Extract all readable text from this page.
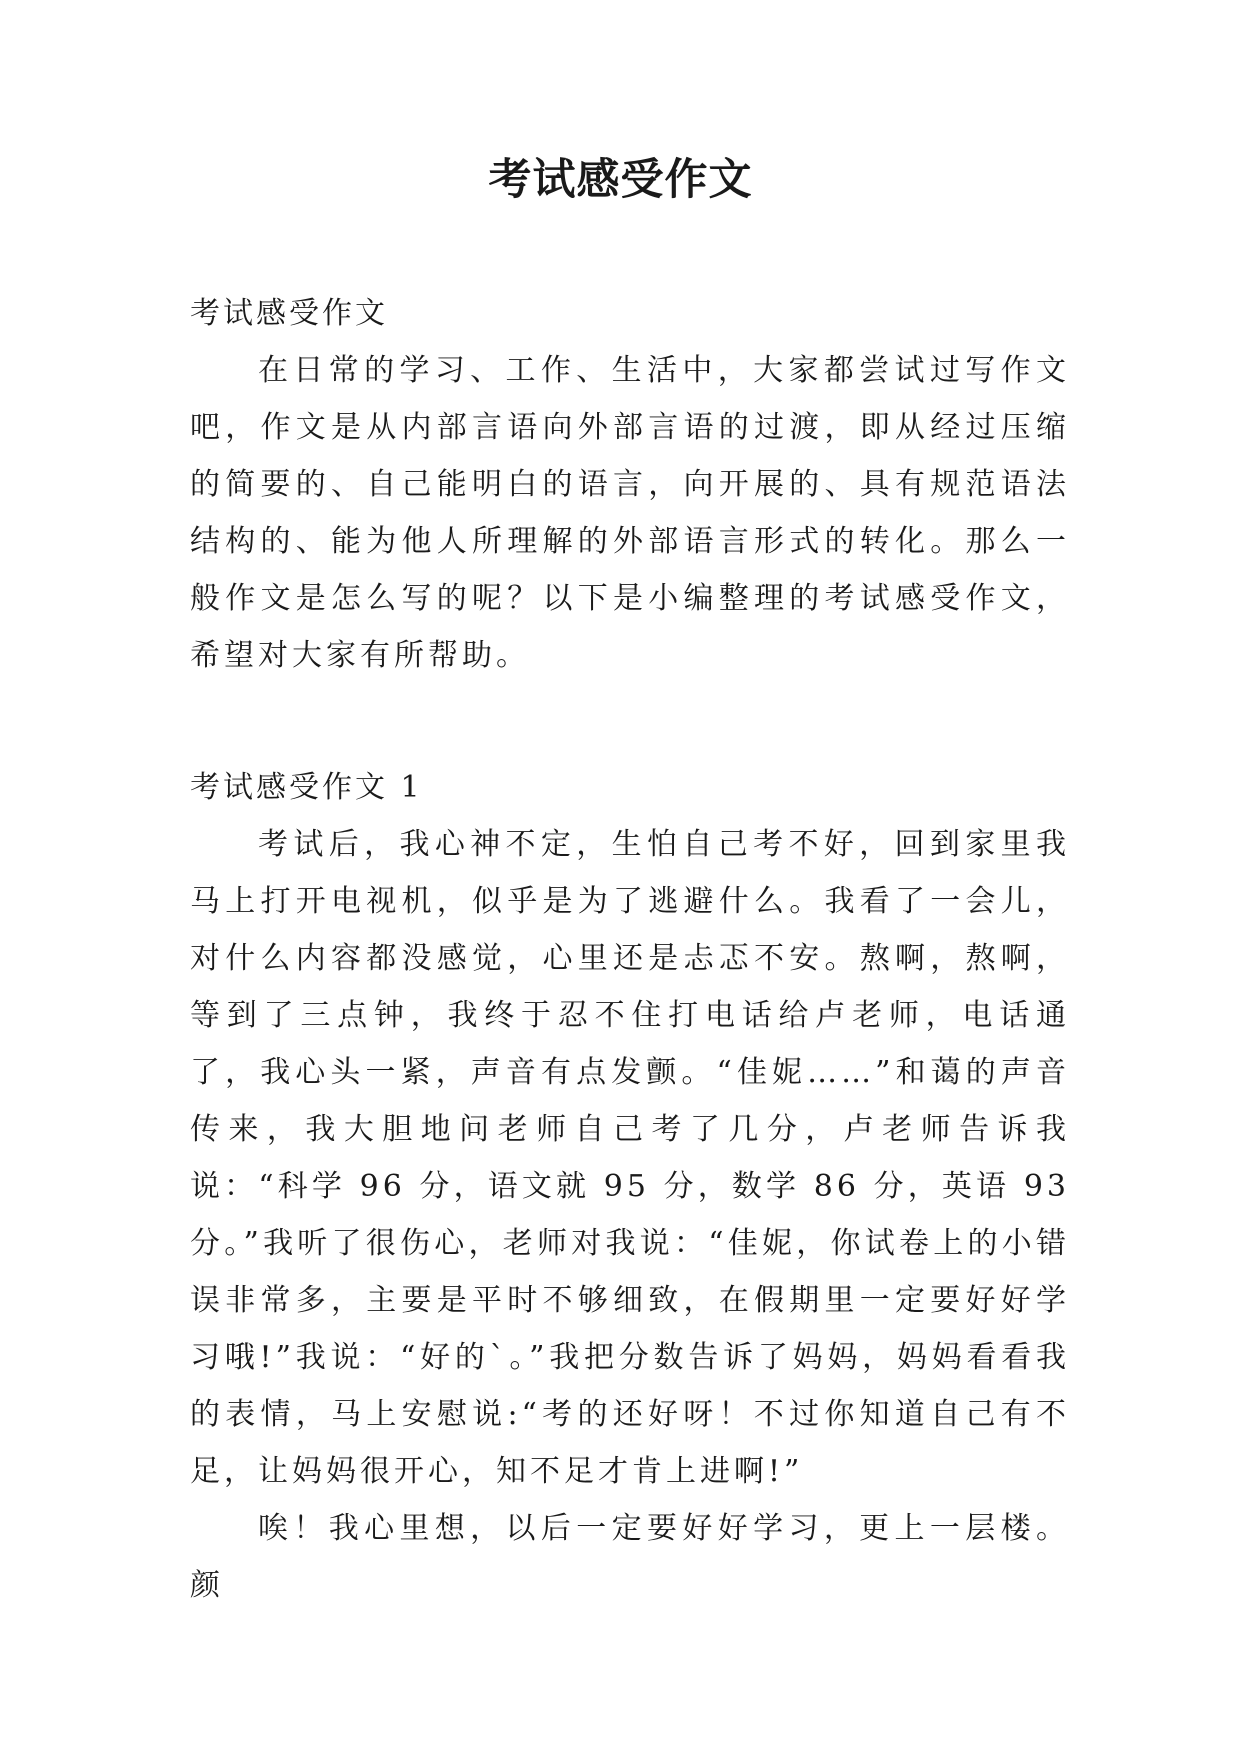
考试感受作文

考试感受作文

在日常的学习、工作、生活中，大家都尝试过写作文吧，作文是从内部言语向外部言语的过渡，即从经过压缩的简要的、自己能明白的语言，向开展的、具有规范语法结构的、能为他人所理解的外部语言形式的转化。那么一般作文是怎么写的呢？以下是小编整理的考试感受作文，希望对大家有所帮助。

考试感受作文 1

考试后，我心神不定，生怕自己考不好，回到家里我马上打开电视机，似乎是为了逃避什么。我看了一会儿，对什么内容都没感觉，心里还是忐忑不安。熬啊，熬啊，等到了三点钟，我终于忍不住打电话给卢老师，电话通了，我心头一紧，声音有点发颤。“佳妮……”和蔼的声音传来，我大胆地问老师自己考了几分，卢老师告诉我说：“科学 96 分，语文就 95 分，数学 86 分，英语 93 分。”我听了很伤心，老师对我说：“佳妮，你试卷上的小错误非常多，主要是平时不够细致，在假期里一定要好好学习哦!”我说：“好的`。”我把分数告诉了妈妈，妈妈看看我的表情，马上安慰说:“考的还好呀！不过你知道自己有不足，让妈妈很开心，知不足才肯上进啊!”

唉！我心里想，以后一定要好好学习，更上一层楼。颜
